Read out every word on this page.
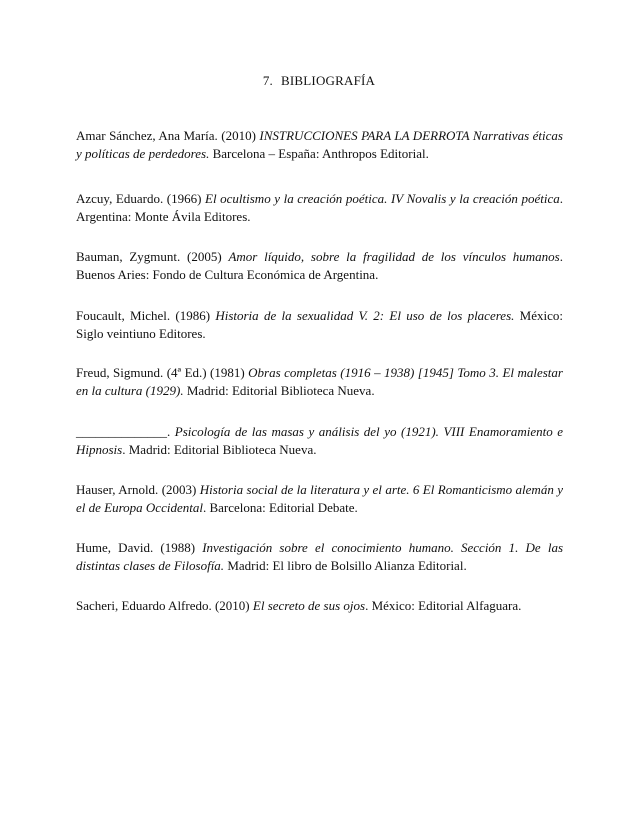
7. BIBLIOGRAFÍA

Amar Sánchez, Ana María. (2010) INSTRUCCIONES PARA LA DERROTA Narrativas éticas y políticas de perdedores. Barcelona – España: Anthropos Editorial.

Azcuy, Eduardo. (1966) El ocultismo y la creación poética. IV Novalis y la creación poética. Argentina: Monte Ávila Editores.

Bauman, Zygmunt. (2005) Amor líquido, sobre la fragilidad de los vínculos humanos. Buenos Aries: Fondo de Cultura Económica de Argentina.

Foucault, Michel. (1986) Historia de la sexualidad V. 2: El uso de los placeres. México: Siglo veintiuno Editores.

Freud, Sigmund. (4ª Ed.) (1981) Obras completas (1916 – 1938) [1945] Tomo 3. El malestar en la cultura (1929). Madrid: Editorial Biblioteca Nueva.

______________. Psicología de las masas y análisis del yo (1921). VIII Enamoramiento e Hipnosis. Madrid: Editorial Biblioteca Nueva.

Hauser, Arnold. (2003) Historia social de la literatura y el arte. 6 El Romanticismo alemán y el de Europa Occidental. Barcelona: Editorial Debate.

Hume, David. (1988) Investigación sobre el conocimiento humano. Sección 1. De las distintas clases de Filosofía. Madrid: El libro de Bolsillo Alianza Editorial.

Sacheri, Eduardo Alfredo. (2010) El secreto de sus ojos. México: Editorial Alfaguara.
